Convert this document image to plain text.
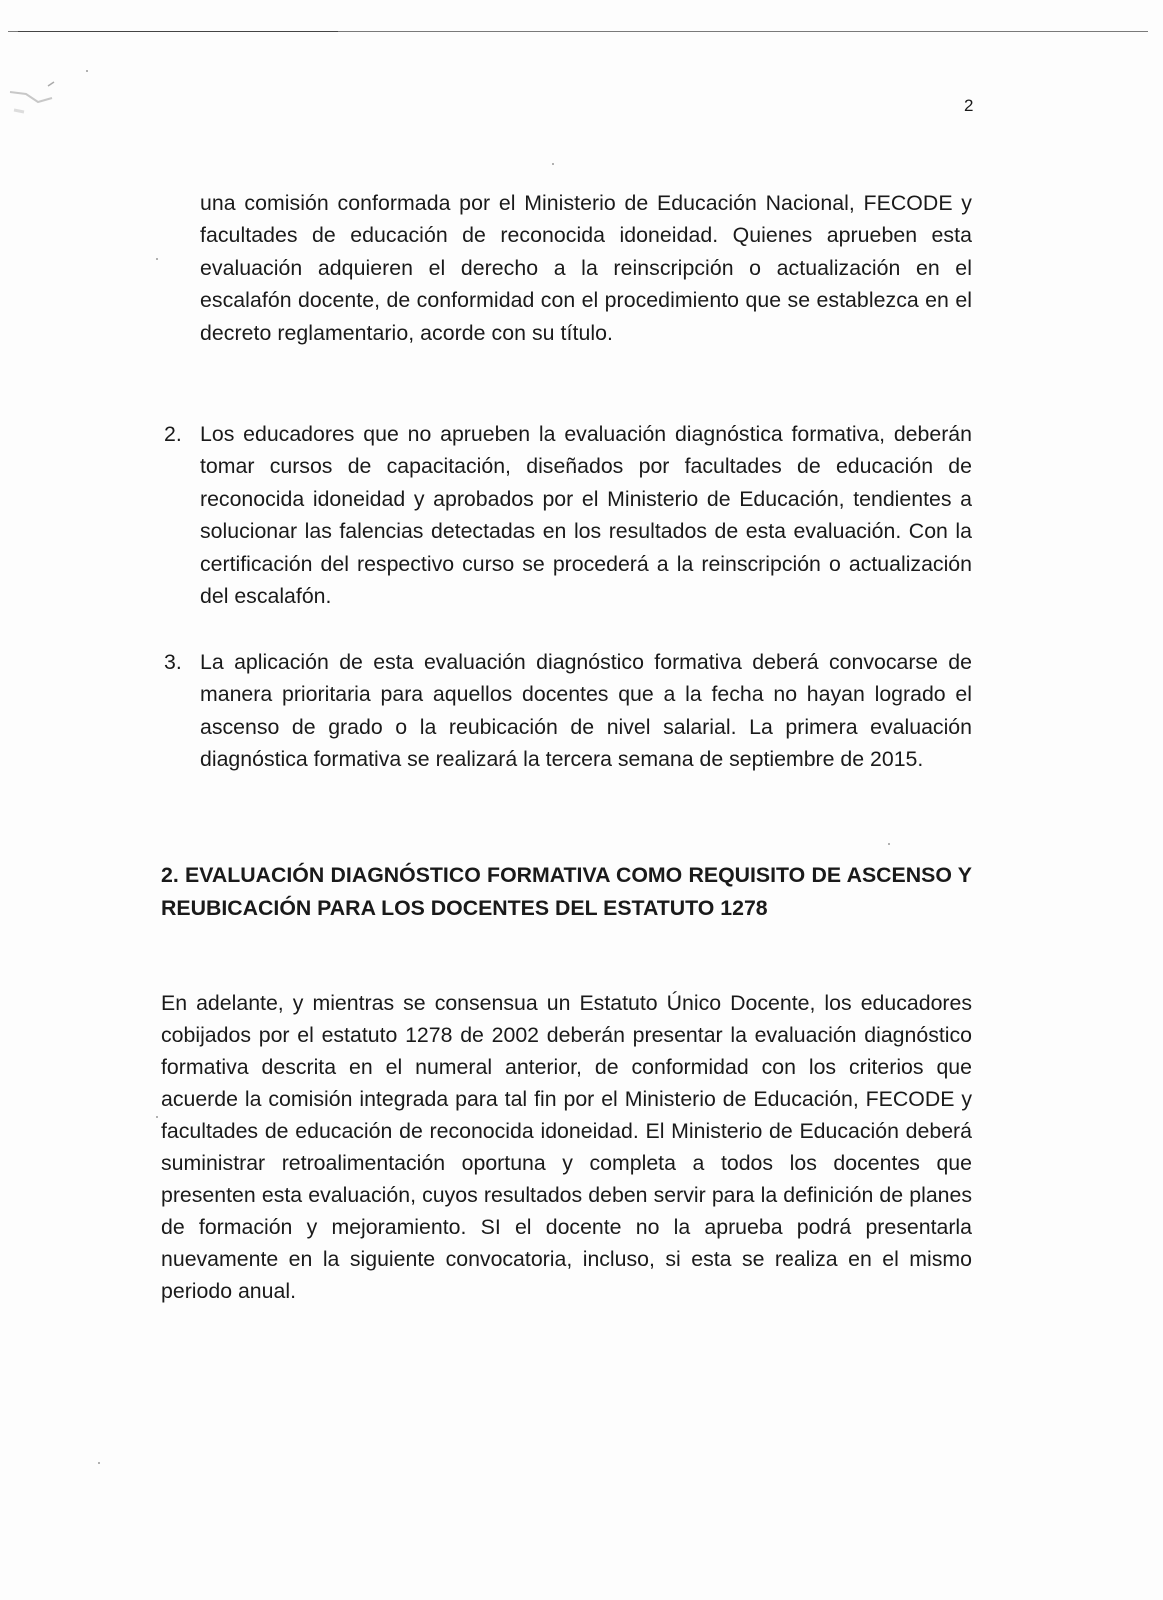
2

una comisión conformada por el Ministerio de Educación Nacional, FECODE y facultades de educación de reconocida idoneidad. Quienes aprueben esta evaluación adquieren el derecho a la reinscripción o actualización en el escalafón docente, de conformidad con el procedimiento que se establezca en el decreto reglamentario, acorde con su título.

2. Los educadores que no aprueben la evaluación diagnóstica formativa, deberán tomar cursos de capacitación, diseñados por facultades de educación de reconocida idoneidad y aprobados por el Ministerio de Educación, tendientes a solucionar las falencias detectadas en los resultados de esta evaluación. Con la certificación del respectivo curso se procederá a la reinscripción o actualización del escalafón.
3. La aplicación de esta evaluación diagnóstico formativa deberá convocarse de manera prioritaria para aquellos docentes que a la fecha no hayan logrado el ascenso de grado o la reubicación de nivel salarial. La primera evaluación diagnóstica formativa se realizará la tercera semana de septiembre de 2015.
2. EVALUACIÓN DIAGNÓSTICO FORMATIVA COMO REQUISITO DE ASCENSO Y REUBICACIÓN PARA LOS DOCENTES DEL ESTATUTO 1278
En adelante, y mientras se consensua un Estatuto Único Docente, los educadores cobijados por el estatuto 1278 de 2002 deberán presentar la evaluación diagnóstico formativa descrita en el numeral anterior, de conformidad con los criterios que acuerde la comisión integrada para tal fin por el Ministerio de Educación, FECODE y facultades de educación de reconocida idoneidad. El Ministerio de Educación deberá suministrar retroalimentación oportuna y completa a todos los docentes que presenten esta evaluación, cuyos resultados deben servir para la definición de planes de formación y mejoramiento. SI el docente no la aprueba podrá presentarla nuevamente en la siguiente convocatoria, incluso, si esta se realiza en el mismo periodo anual.
